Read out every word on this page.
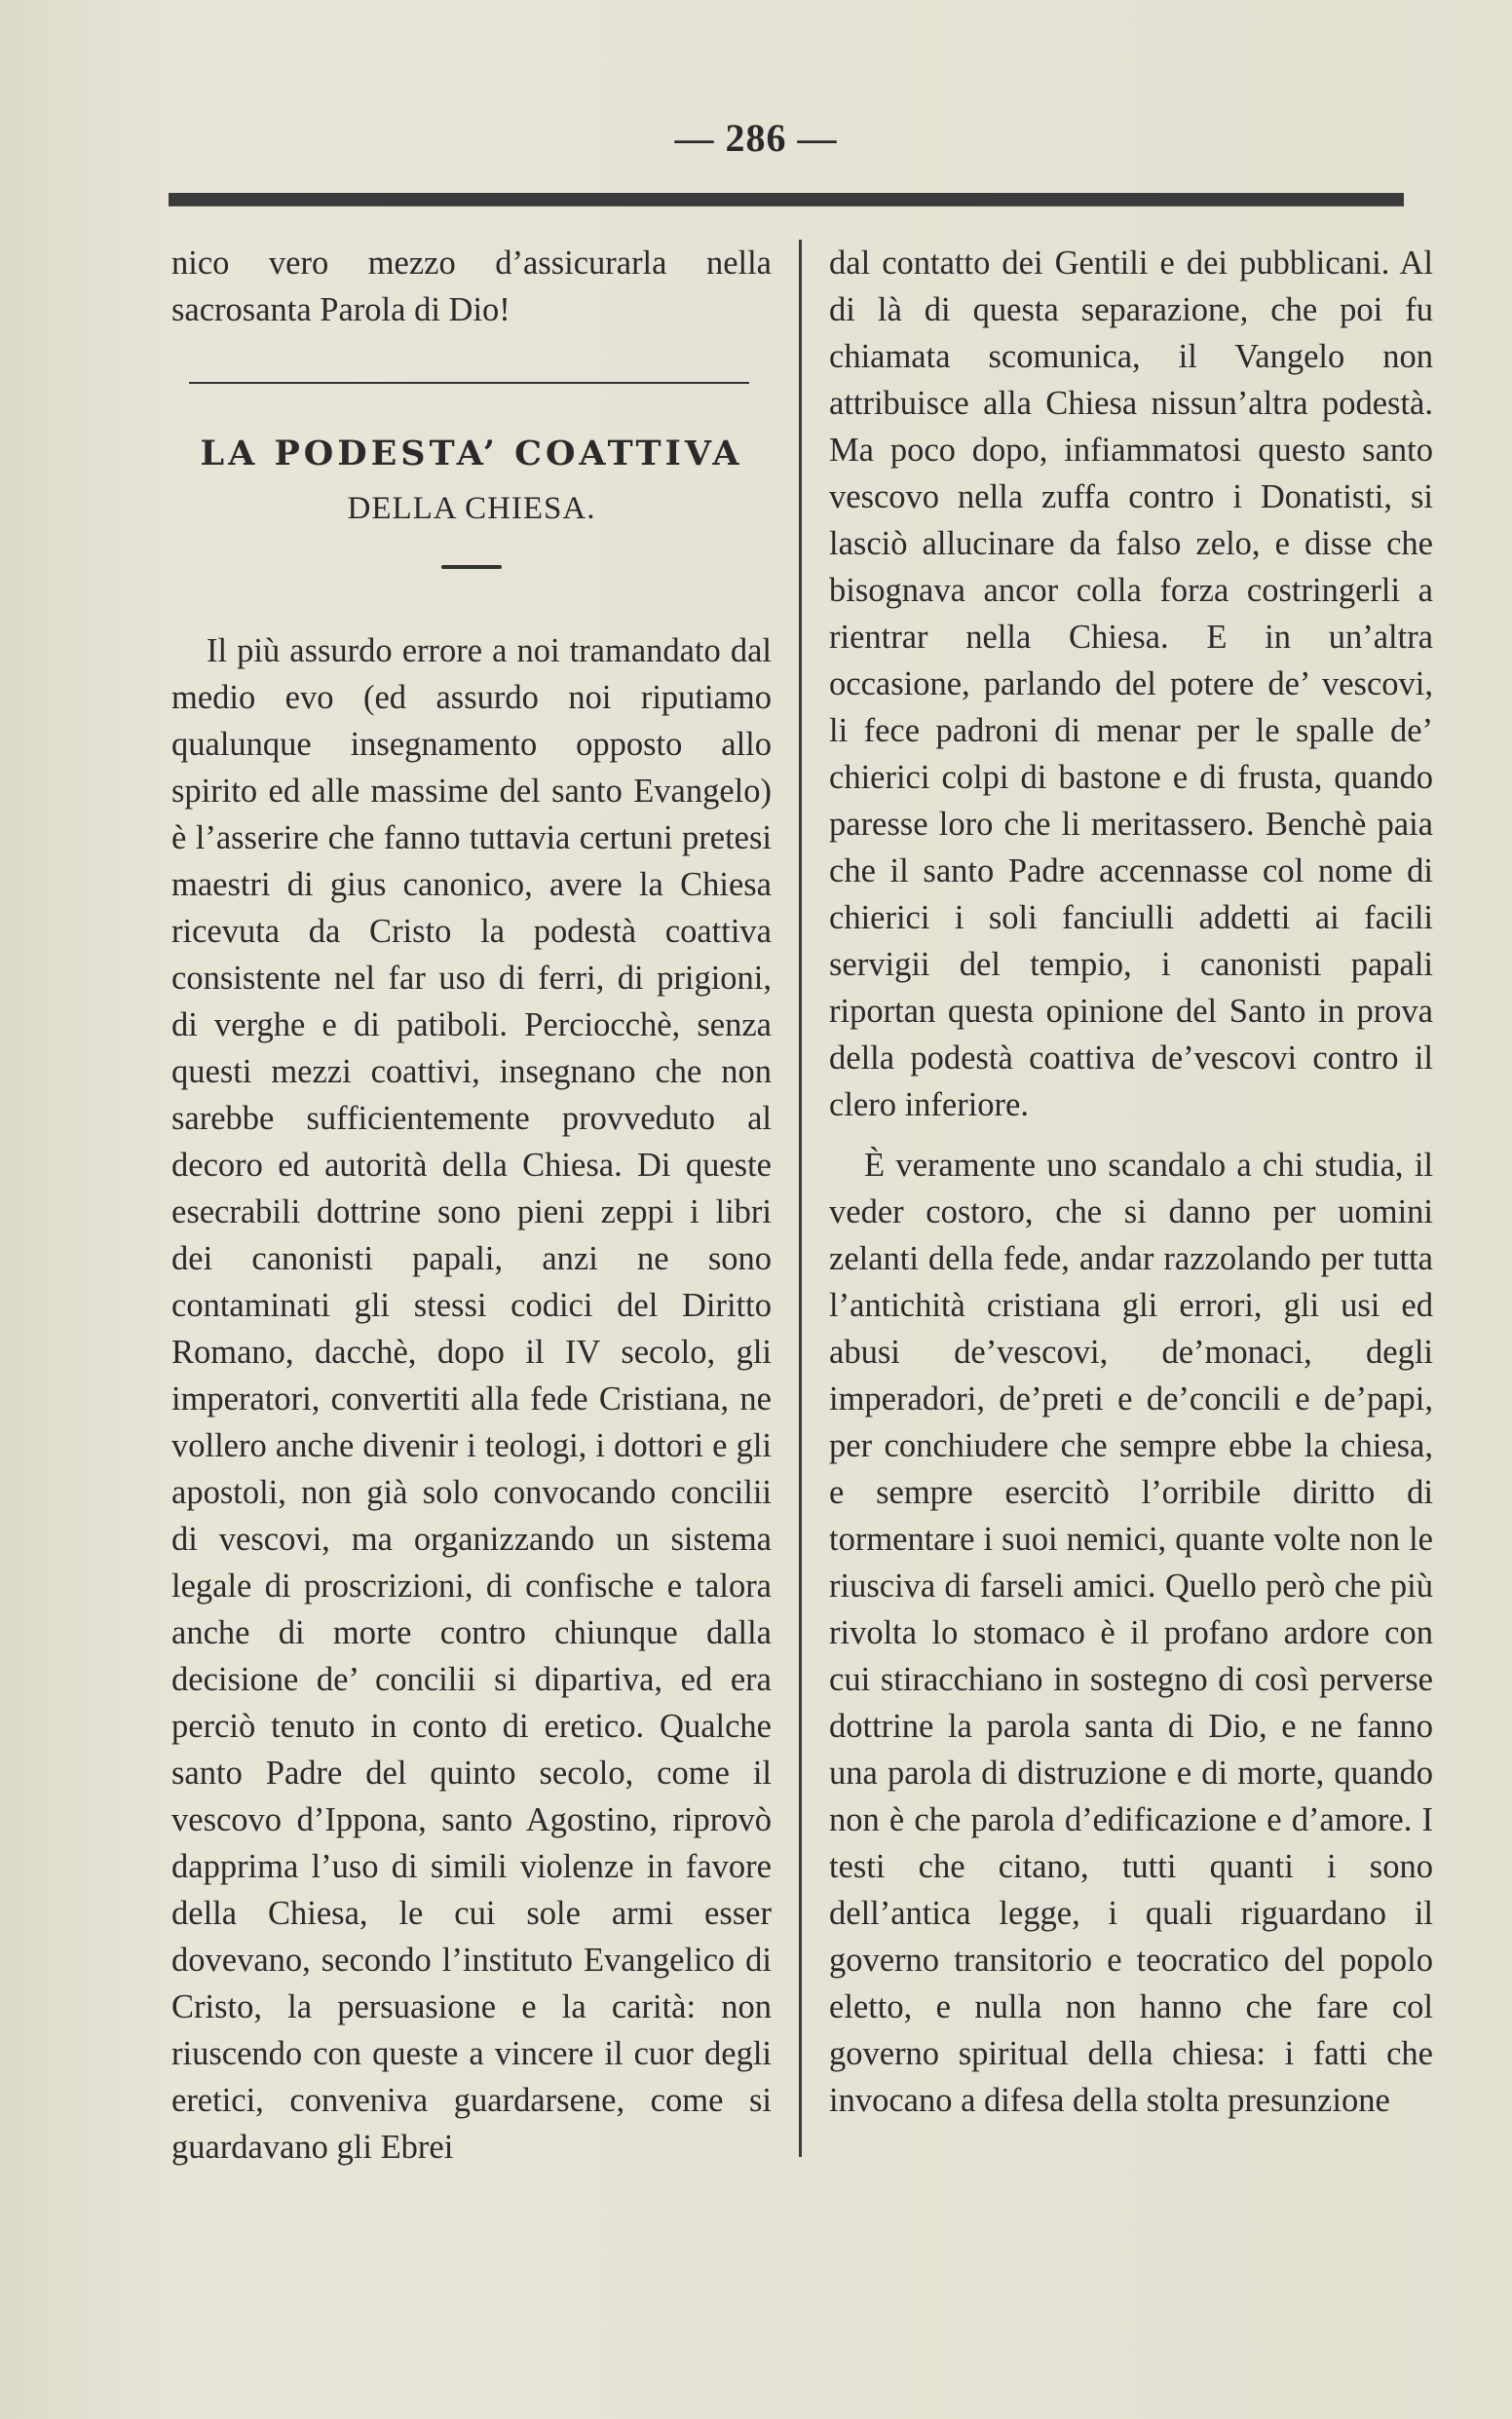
— 286 —

nico vero mezzo d’assicurarla nella sacrosanta Parola di Dio!

LA PODESTA’ COATTIVA
DELLA CHIESA.

Il più assurdo errore a noi tramandato dal medio evo (ed assurdo noi riputiamo qualunque insegnamento opposto allo spirito ed alle massime del santo Evangelo) è l’asserire che fanno tuttavia certuni pretesi maestri di gius canonico, avere la Chiesa ricevuta da Cristo la podestà coattiva consistente nel far uso di ferri, di prigioni, di verghe e di patiboli. Perciocchè, senza questi mezzi coattivi, insegnano che non sarebbe sufficientemente provveduto al decoro ed autorità della Chiesa. Di queste esecrabili dottrine sono pieni zeppi i libri dei canonisti papali, anzi ne sono contaminati gli stessi codici del Diritto Romano, dacchè, dopo il IV secolo, gli imperatori, convertiti alla fede Cristiana, ne vollero anche divenir i teologi, i dottori e gli apostoli, non già solo convocando concilii di vescovi, ma organizzando un sistema legale di proscrizioni, di confische e talora anche di morte contro chiunque dalla decisione de’ concilii si dipartiva, ed era perciò tenuto in conto di eretico. Qualche santo Padre del quinto secolo, come il vescovo d’Ippona, santo Agostino, riprovò dapprima l’uso di simili violenze in favore della Chiesa, le cui sole armi esser dovevano, secondo l’instituto Evangelico di Cristo, la persuasione e la carità: non riuscendo con queste a vincere il cuor degli eretici, conveniva guardarsene, come si guardavano gli Ebrei

dal contatto dei Gentili e dei pubblicani. Al di là di questa separazione, che poi fu chiamata scomunica, il Vangelo non attribuisce alla Chiesa nissun’altra podestà. Ma poco dopo, infiammatosi questo santo vescovo nella zuffa contro i Donatisti, si lasciò allucinare da falso zelo, e disse che bisognava ancor colla forza costringerli a rientrar nella Chiesa. E in un’altra occasione, parlando del potere de’ vescovi, li fece padroni di menar per le spalle de’ chierici colpi di bastone e di frusta, quando paresse loro che li meritassero. Benchè paia che il santo Padre accennasse col nome di chierici i soli fanciulli addetti ai facili servigii del tempio, i canonisti papali riportan questa opinione del Santo in prova della podestà coattiva de’vescovi contro il clero inferiore.

È veramente uno scandalo a chi studia, il veder costoro, che si danno per uomini zelanti della fede, andar razzolando per tutta l’antichità cristiana gli errori, gli usi ed abusi de’vescovi, de’monaci, degli imperadori, de’preti e de’concili e de’papi, per conchiudere che sempre ebbe la chiesa, e sempre esercitò l’orribile diritto di tormentare i suoi nemici, quante volte non le riusciva di farseli amici. Quello però che più rivolta lo stomaco è il profano ardore con cui stiracchiano in sostegno di così perverse dottrine la parola santa di Dio, e ne fanno una parola di distruzione e di morte, quando non è che parola d’edificazione e d’amore. I testi che citano, tutti quanti i sono dell’antica legge, i quali riguardano il governo transitorio e teocratico del popolo eletto, e nulla non hanno che fare col governo spiritual della chiesa: i fatti che invocano a difesa della stolta presunzione
